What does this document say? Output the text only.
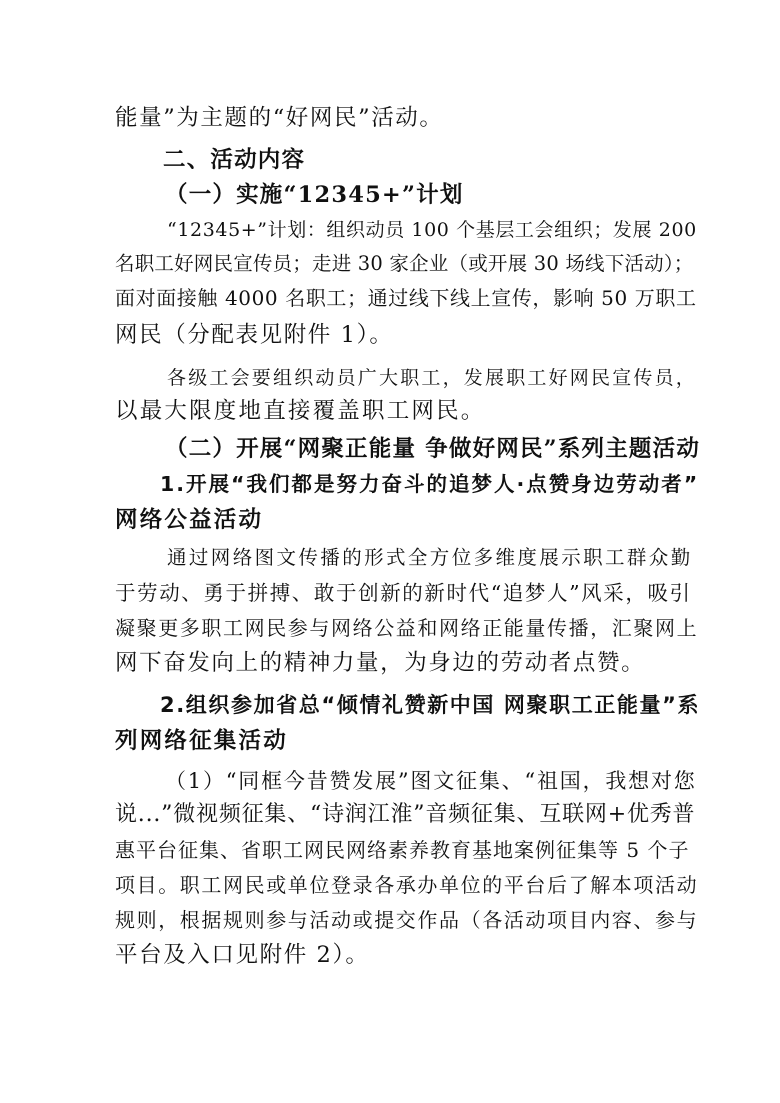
能量”为主题的“好网民”活动。
二、活动内容
（一）实施“12345+”计划
“12345+”计划：组织动员 100 个基层工会组织；发展 200
名职工好网民宣传员；走进 30 家企业（或开展 30 场线下活动）；
面对面接触 4000 名职工；通过线下线上宣传，影响 50 万职工
网民（分配表见附件 1）。
各级工会要组织动员广大职工，发展职工好网民宣传员，
以最大限度地直接覆盖职工网民。
（二）开展“网聚正能量 争做好网民”系列主题活动
1.开展“我们都是努力奋斗的追梦人·点赞身边劳动者”
网络公益活动
通过网络图文传播的形式全方位多维度展示职工群众勤
于劳动、勇于拼搏、敢于创新的新时代“追梦人”风采，吸引
凝聚更多职工网民参与网络公益和网络正能量传播，汇聚网上
网下奋发向上的精神力量，为身边的劳动者点赞。
2.组织参加省总“倾情礼赞新中国 网聚职工正能量”系
列网络征集活动
（1）“同框今昔赞发展”图文征集、“祖国，我想对您
说...”微视频征集、“诗润江淮”音频征集、互联网+优秀普
惠平台征集、省职工网民网络素养教育基地案例征集等 5 个子
项目。职工网民或单位登录各承办单位的平台后了解本项活动
规则，根据规则参与活动或提交作品（各活动项目内容、参与
平台及入口见附件 2）。
